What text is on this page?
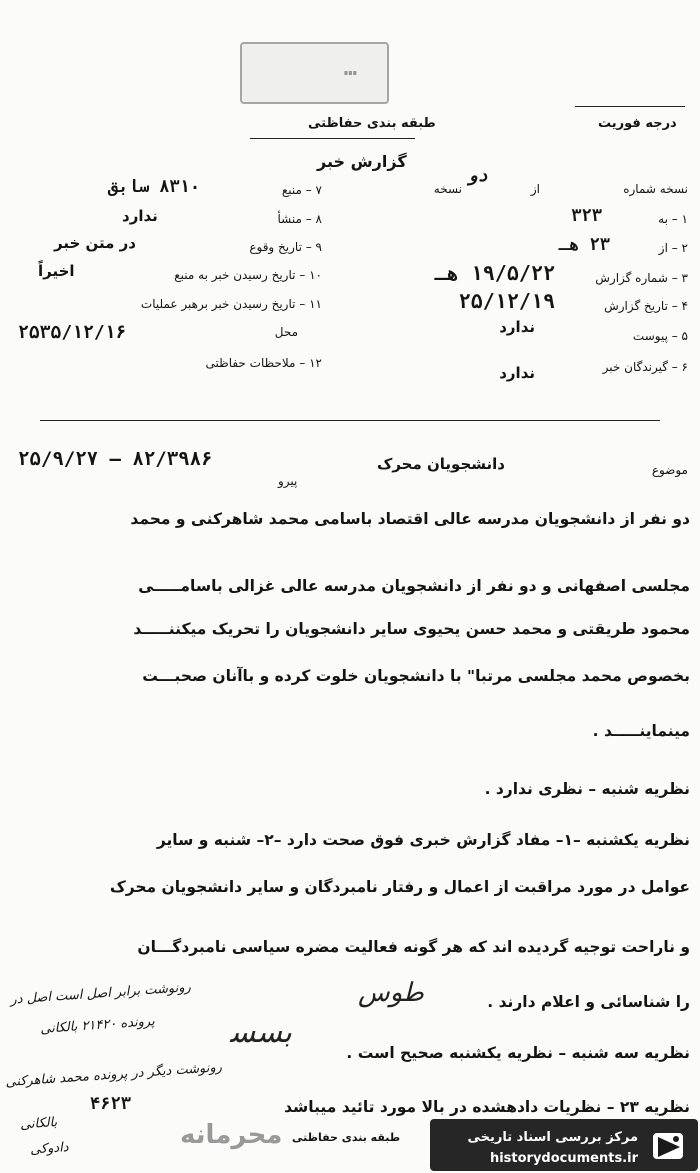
…
طبقه بندی حفاظتی	درجه فوریت
گزارش خبر
۷ – منبع
۸۳۱۰ سابق
۸ – منشأ
ندارد
۹ – تاریخ وقوع
در متن خبر
۱۰ – تاریخ رسیدن خبر به منبع
اخیراً
۱۱ – تاریخ رسیدن خبر برهبر عملیات
محل
۲۵۳۵/۱۲/۱۶
۱۲ – ملاحظات حفاظتی
نسخه شماره
از
دو
نسخه
۱ – به
۳۲۳
۲ – از
۲۳ هـ
۳ – شماره گزارش
۱۹/۵/۲۲ هـ
۴ – تاریخ گزارش
۲۵/۱۲/۱۹
۵ – پیوست
ندارد
۶ – گیرندگان خبر
ندارد
موضوع
دانشجویان محرک
۲۵/۹/۲۷ – ۸۲/۳۹۸۶
پیرو
دو نفر از دانشجویان مدرسه عالی اقتصاد باسامی محمد شاهرکنی و محمد
مجلسی اصفهانی و دو نفر از دانشجویان مدرسه عالی غزالی باسامـــــی
محمود طریقتی و محمد حسن یحیوی سایر دانشجویان را تحریک میکننـــــد
بخصوص محمد مجلسی مرتبا" با دانشجویان خلوت کرده و باآنان صحبـــت
مینماینـــــد .
نظریه شنبه – نظری ندارد .
نظریه یکشنبه –۱– مفاد گزارش خبری فوق صحت دارد –۲– شنبه و سایر
عوامل در مورد مراقبت از اعمال و رفتار نامبردگان و سایر دانشجویان محرک
و ناراحت توجیه گردیده اند که هر گونه فعالیت مضره سیاسی نامبردگـــان
را شناسائی و اعلام دارند .
نظریه سه شنبه – نظریه یکشنبه صحیح است .
نظریه ۲۳ – نظریات دادهشده در بالا مورد تائید میباشد
رونوشت برابر اصل است اصل در
پرونده ۲۱۴۲۰ بالکانی
رونوشت دیگر در پرونده محمد شاهرکنی
بالکانی
دادوکی
۴۶۲۳
طوس
ﺑ‍ﺴ‍ﺴ
محرمانه طبقه بندی حفاظتی	مرکز بررسی اسناد تاریخی
historydocuments.ir
